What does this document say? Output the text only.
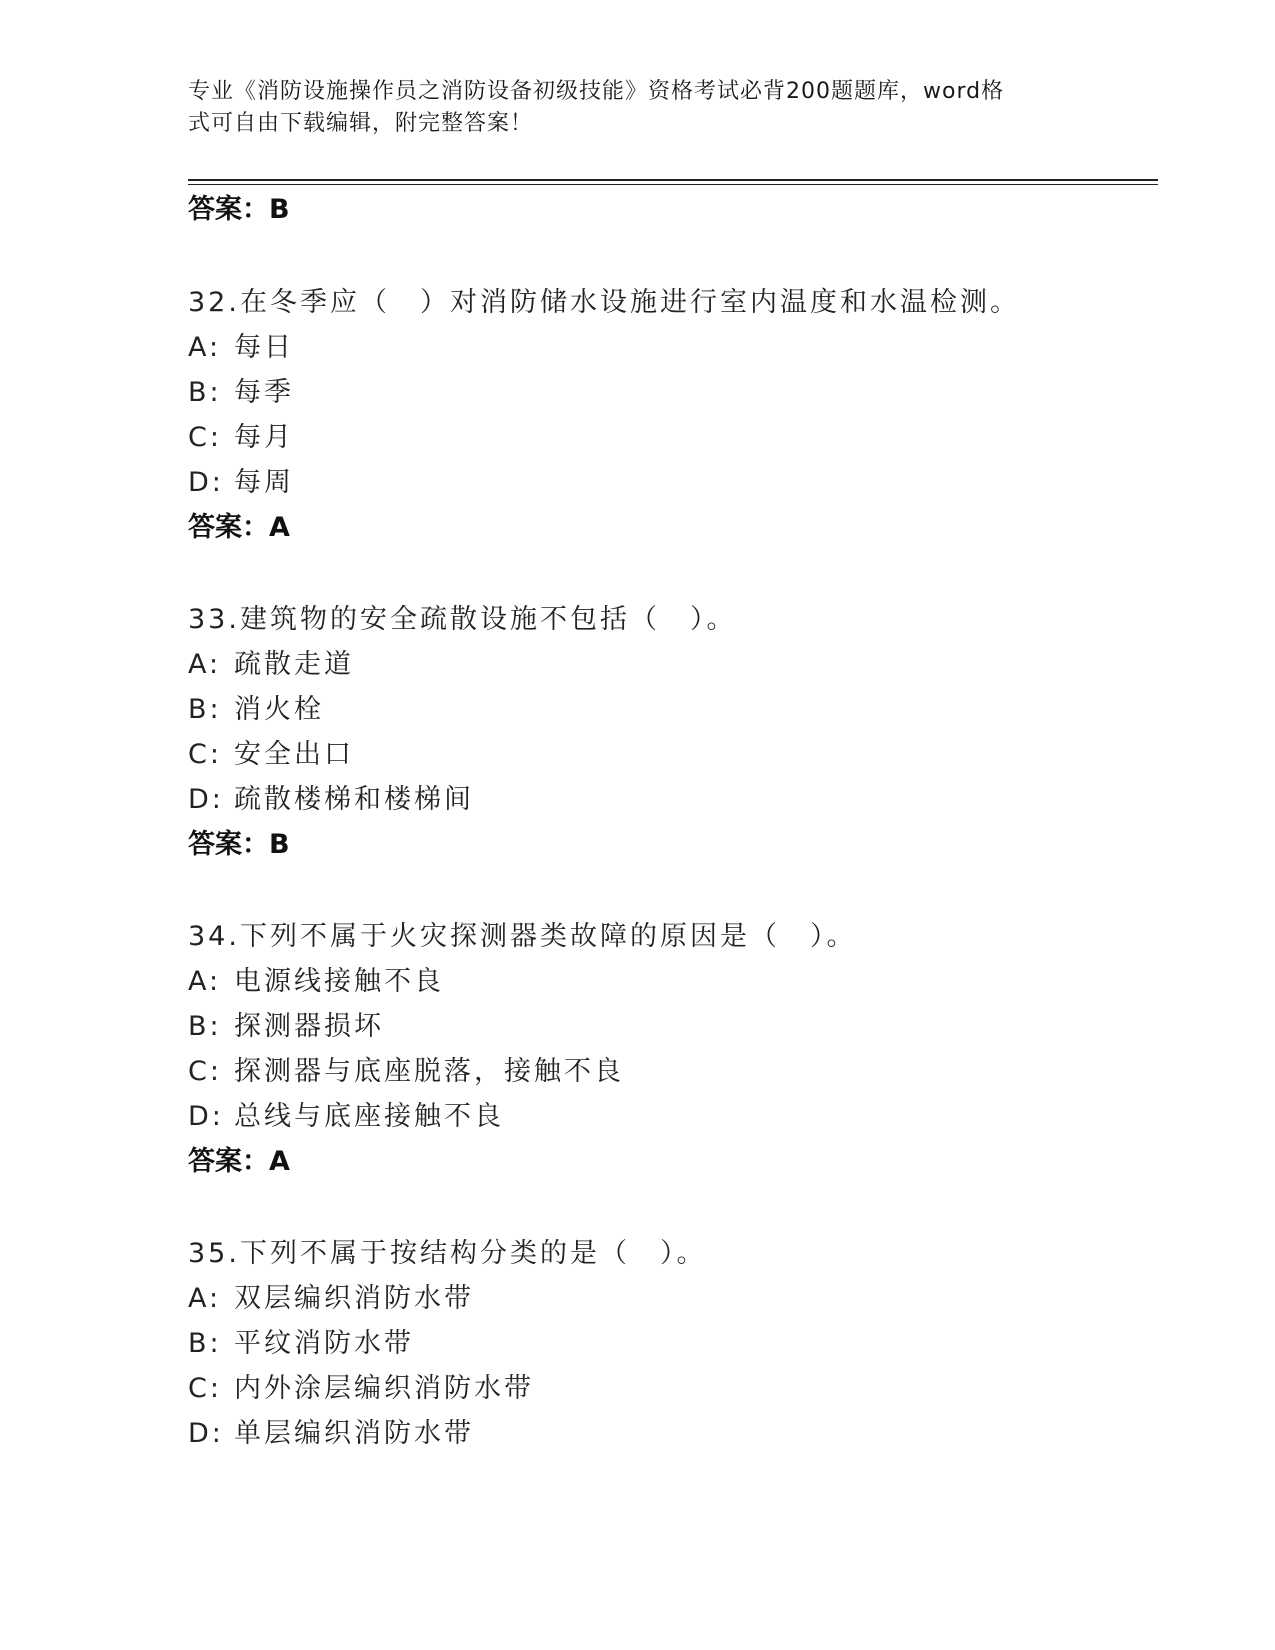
专业《消防设施操作员之消防设备初级技能》资格考试必背200题题库，word格
式可自由下载编辑，附完整答案！
答案：B
32.在冬季应（　）对消防储水设施进行室内温度和水温检测。
A: 每日
B: 每季
C: 每月
D: 每周
答案：A
33.建筑物的安全疏散设施不包括（　）。
A: 疏散走道
B: 消火栓
C: 安全出口
D: 疏散楼梯和楼梯间
答案：B
34.下列不属于火灾探测器类故障的原因是（　）。
A: 电源线接触不良
B: 探测器损坏
C: 探测器与底座脱落，接触不良
D: 总线与底座接触不良
答案：A
35.下列不属于按结构分类的是（　）。
A: 双层编织消防水带
B: 平纹消防水带
C: 内外涂层编织消防水带
D: 单层编织消防水带
